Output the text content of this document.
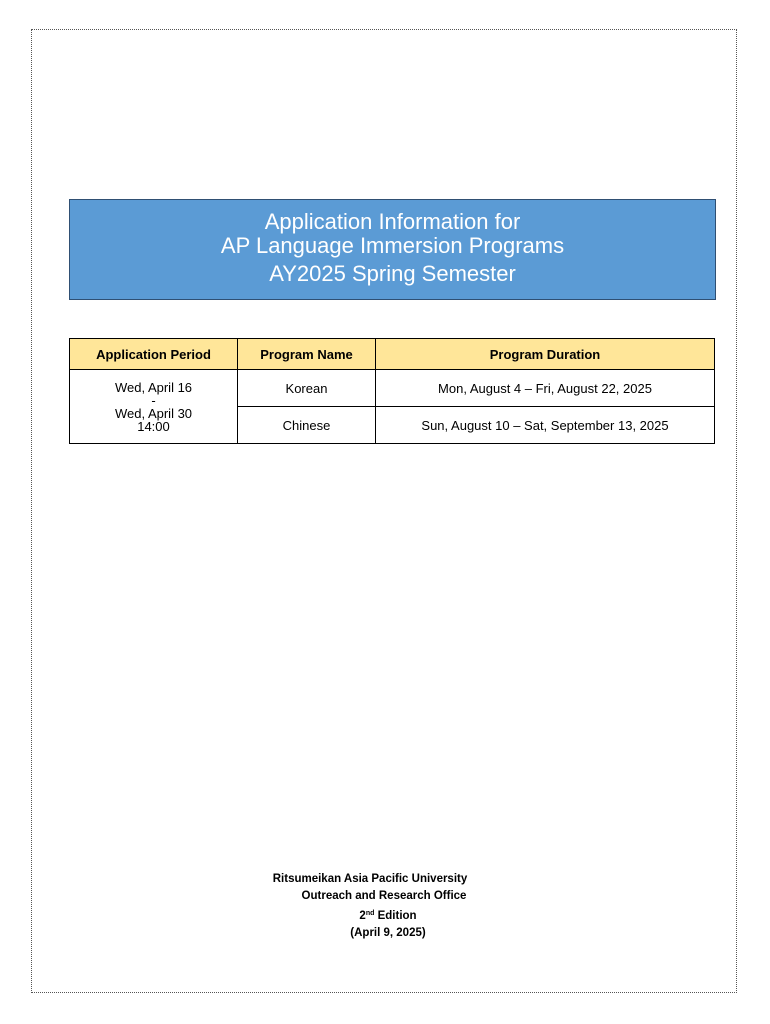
Application Information for
AP Language Immersion Programs
AY2025 Spring Semester
Application Period	Program Name	Program Duration

Wed, April 16
-
Wed, April 30
14:00	Korean	Mon, August 4 – Fri, August 22, 2025
	Chinese	Sun, August 10 – Sat, September 13, 2025
Ritsumeikan Asia Pacific University
Outreach and Research Office
2nd Edition
(April 9, 2025)
